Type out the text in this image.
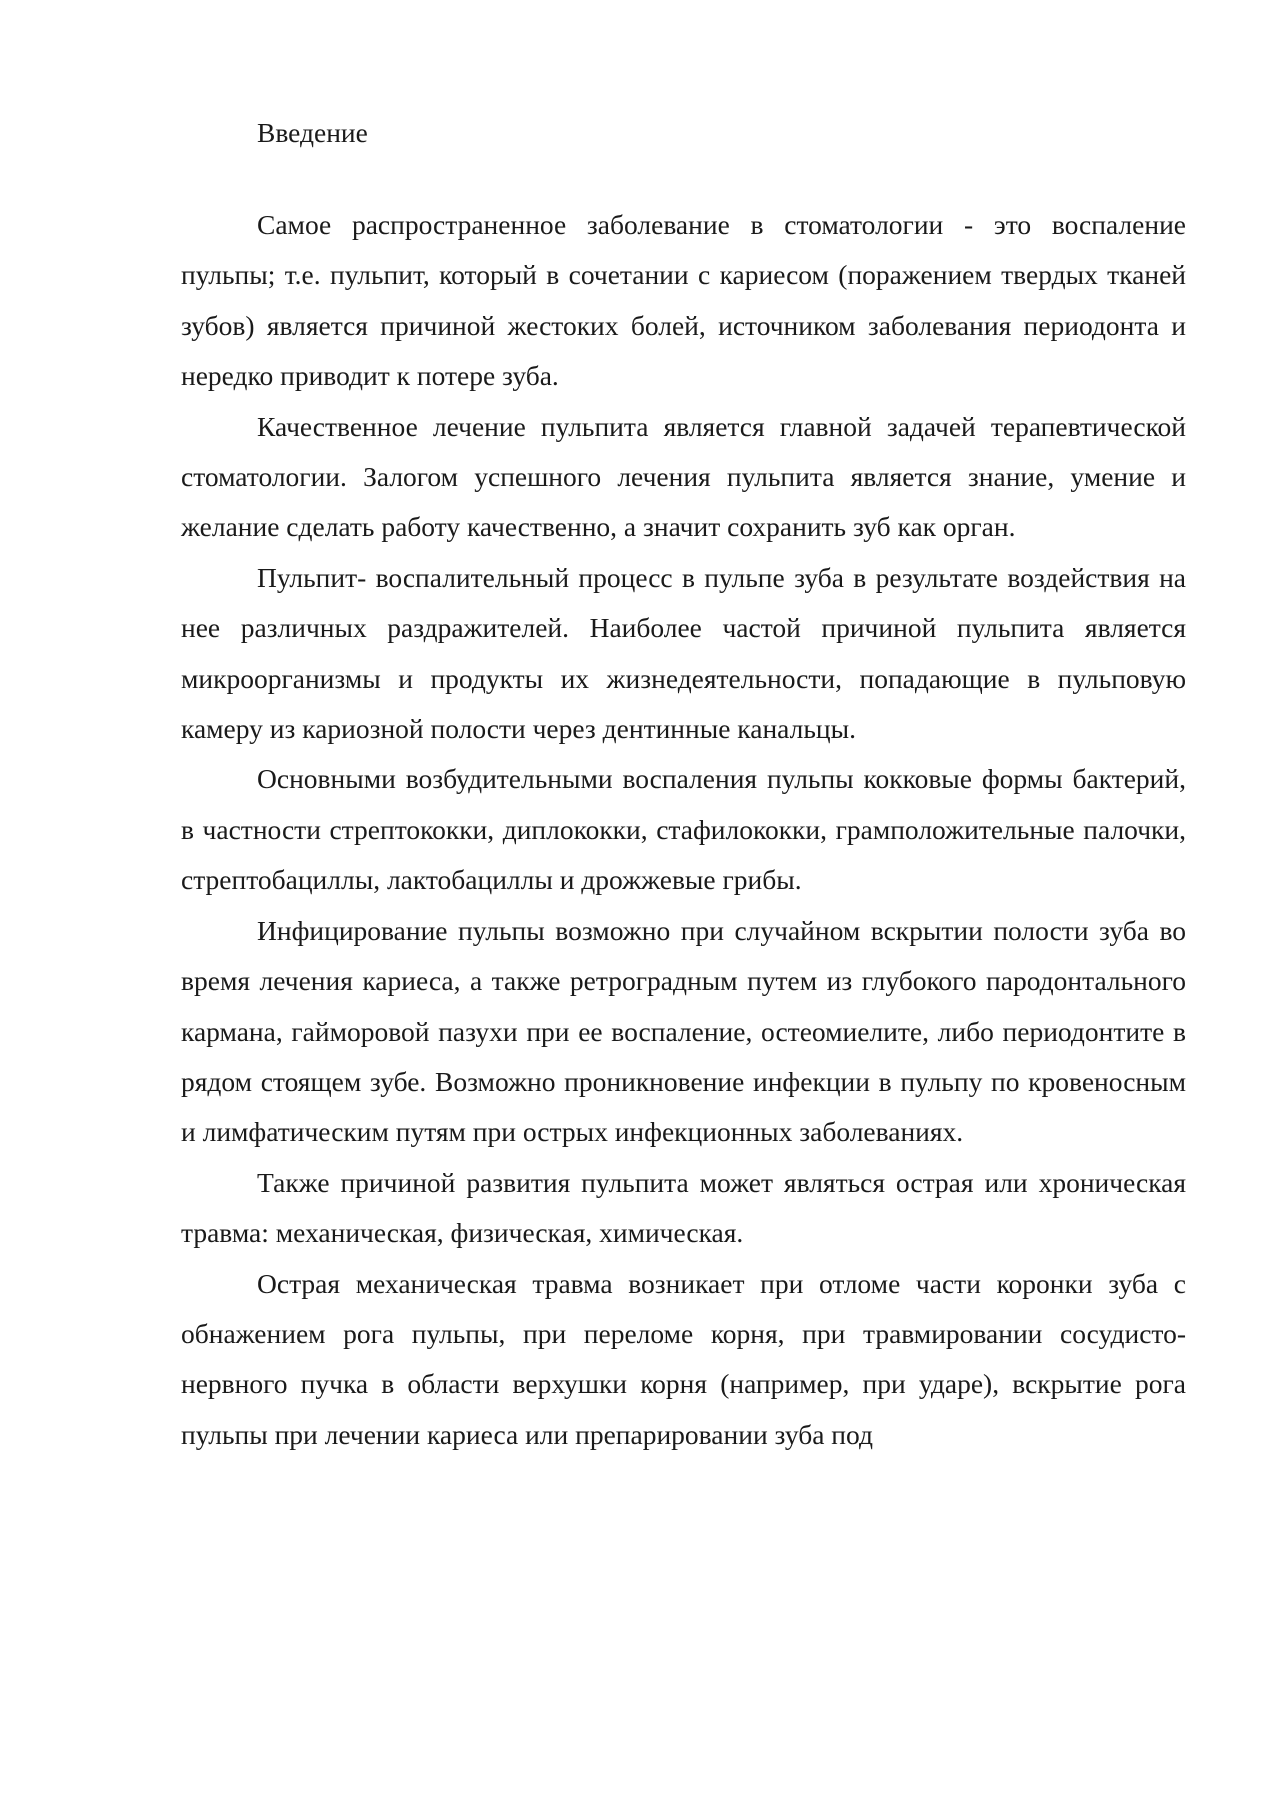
Введение

Самое распространенное заболевание в стоматологии - это воспаление пульпы; т.е. пульпит, который в сочетании с кариесом (поражением твердых тканей зубов) является причиной жестоких болей, источником заболевания периодонта и нередко приводит к потере зуба.

Качественное лечение пульпита является главной задачей терапевтической стоматологии. Залогом успешного лечения пульпита является знание, умение и желание сделать работу качественно, а значит сохранить зуб как орган.

Пульпит- воспалительный процесс в пульпе зуба в результате воздействия на нее различных раздражителей. Наиболее частой причиной пульпита является микроорганизмы и продукты их жизнедеятельности, попадающие в пульповую камеру из кариозной полости через дентинные канальцы.

Основными возбудительными воспаления пульпы кокковые формы бактерий, в частности стрептококки, диплококки, стафилококки, грамположительные палочки, стрептобациллы, лактобациллы и дрожжевые грибы.

Инфицирование пульпы возможно при случайном вскрытии полости зуба во время лечения кариеса, а также ретроградным путем из глубокого пародонтального кармана, гайморовой пазухи при ее воспаление, остеомиелите, либо периодонтите в рядом стоящем зубе. Возможно проникновение инфекции в пульпу по кровеносным и лимфатическим путям при острых инфекционных заболеваниях.

Также причиной развития пульпита может являться острая или хроническая травма: механическая, физическая, химическая.

Острая механическая травма возникает при отломе части коронки зуба с обнажением рога пульпы, при переломе корня, при травмировании сосудисто-нервного пучка в области верхушки корня (например, при ударе), вскрытие рога пульпы при лечении кариеса или препарировании зуба под
